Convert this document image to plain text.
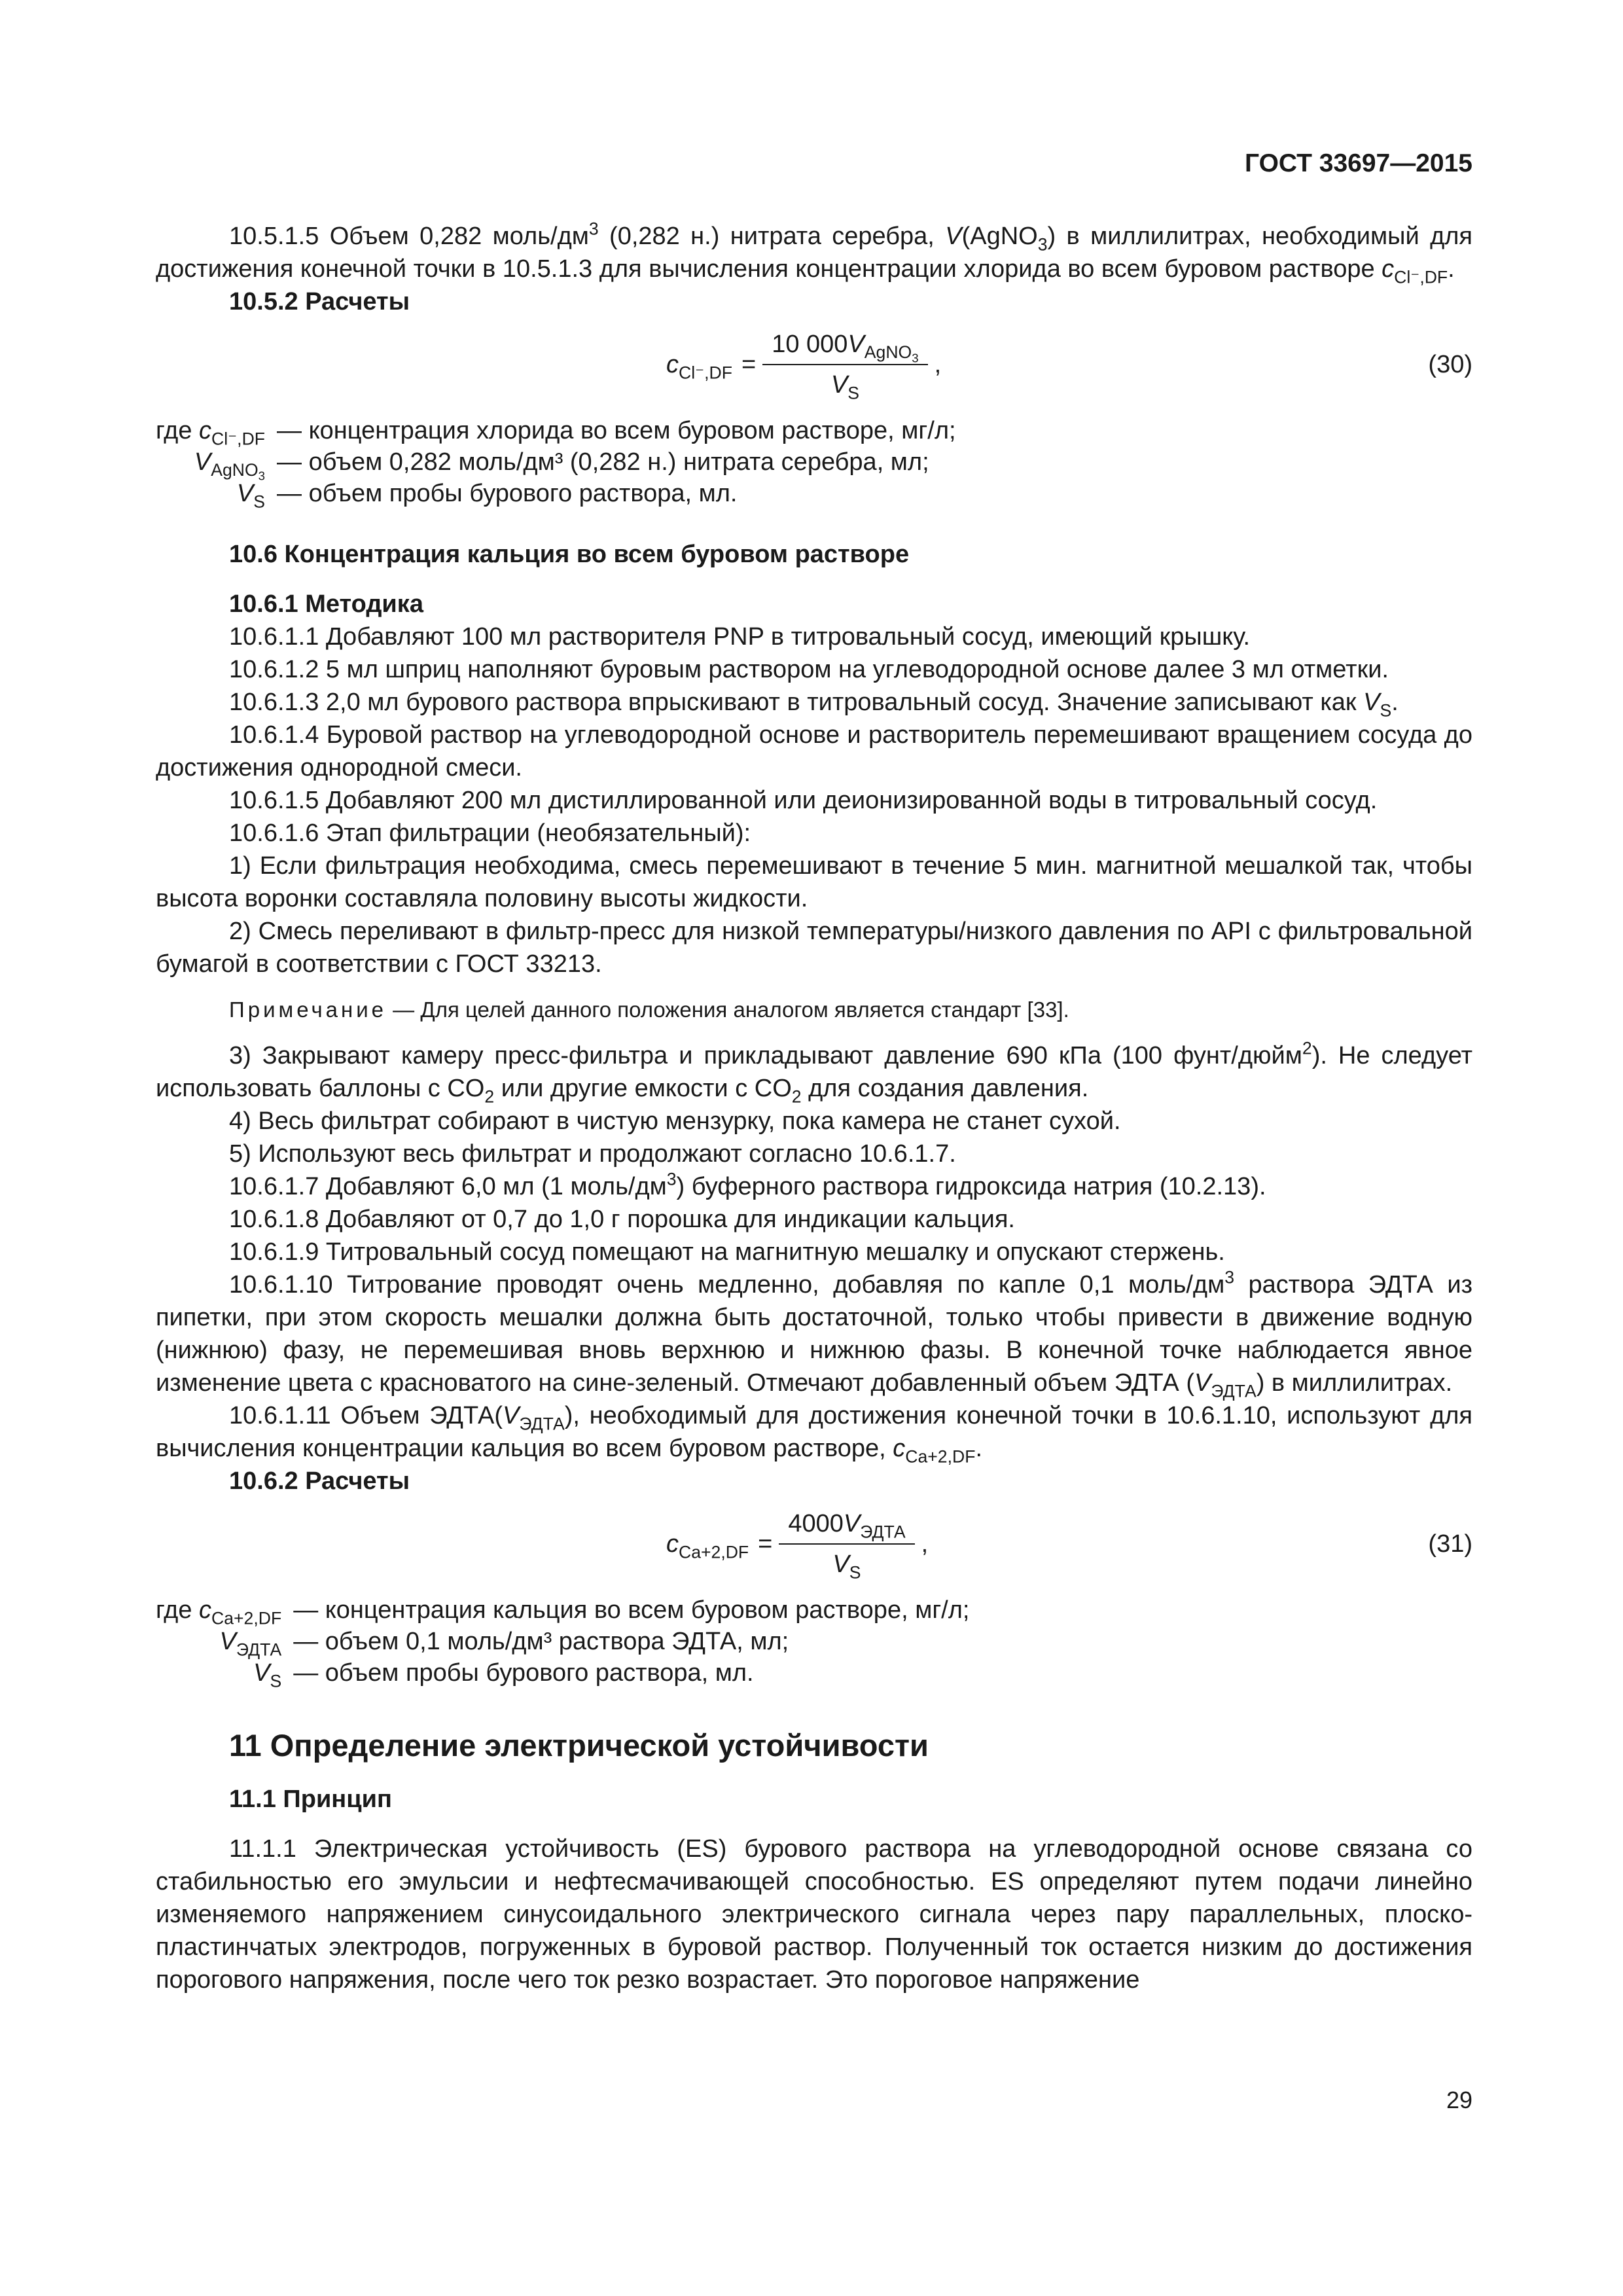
ГОСТ 33697—2015

10.5.1.5 Объем 0,282 моль/$дм^3$ (0,282 н.) нитрата серебра, V(AgNO$_3$) в миллилитрах, необходимый для достижения конечной точки в 10.5.1.3 для вычисления концентрации хлорида во всем буровом растворе $c_{Cl^-,DF}$.

10.5.2 Расчеты

$c_{Cl^-,DF} = \frac{10 000V_{AgNO_3}}{V_S}$ ,	(30)
где $c_{Cl^-,DF}$ — концентрация хлорида во всем буровом растворе, мг/л;
$V_{AgNO_3}$
— объем 0,282 моль/дм³ (0,282 н.) нитрата серебра, мл;
$V_S$ — объем пробы бурового раствора, мл.

10.6 Концентрация кальция во всем буровом растворе

10.6.1 Методика

10.6.1.1 Добавляют 100 мл растворителя PNP в титровальный сосуд, имеющий крышку.

10.6.1.2 5 мл шприц наполняют буровым раствором на углеводородной основе далее 3 мл отметки.

10.6.1.3 2,0 мл бурового раствора впрыскивают в титровальный сосуд. Значение записывают как $V_S$.

10.6.1.4 Буровой раствор на углеводородной основе и растворитель перемешивают вращением сосуда до достижения однородной смеси.

10.6.1.5 Добавляют 200 мл дистиллированной или деионизированной воды в титровальный сосуд.

10.6.1.6 Этап фильтрации (необязательный):

1) Если фильтрация необходима, смесь перемешивают в течение 5 мин. магнитной мешалкой так, чтобы высота воронки составляла половину высоты жидкости.

2) Смесь переливают в фильтр-пресс для низкой температуры/низкого давления по API с фильтровальной бумагой в соответствии с ГОСТ 33213.

Примечание — Для целей данного положения аналогом является стандарт [33].

3) Закрывают камеру пресс-фильтра и прикладывают давление 690 кПа (100 фунт/дюйм$^2$). Не следует использовать баллоны с $CO_2$ или другие емкости с $CO_2$ для создания давления.

4) Весь фильтрат собирают в чистую мензурку, пока камера не станет сухой.

5) Используют весь фильтрат и продолжают согласно 10.6.1.7.

10.6.1.7 Добавляют 6,0 мл (1 моль/$дм^3$) буферного раствора гидроксида натрия (10.2.13).

10.6.1.8 Добавляют от 0,7 до 1,0 г порошка для индикации кальция.

10.6.1.9 Титровальный сосуд помещают на магнитную мешалку и опускают стержень.

10.6.1.10 Титрование проводят очень медленно, добавляя по капле 0,1 моль/$дм^3$ раствора ЭДТА из пипетки, при этом скорость мешалки должна быть достаточной, только чтобы привести в движение водную (нижнюю) фазу, не перемешивая вновь верхнюю и нижнюю фазы. В конечной точке наблюдается явное изменение цвета с красноватого на сине-зеленый. Отмечают добавленный объем ЭДТА $(V_{ЭДТА})$ в миллилитрах.

10.6.1.11 Объем $ЭДТА(V_{ЭДТА})$, необходимый для достижения конечной точки в 10.6.1.10, используют для вычисления концентрации кальция во всем буровом растворе, $c_{Ca+2,DF}$.

10.6.2 Расчеты

$c_{Ca+2,DF} = \frac{4000V_{ЭДТА}}{V_S}$ ,	(31)
где $c_{Ca+2,DF}$ — концентрация кальция во всем буровом растворе, мг/л;
$V_{ЭДТА}$ — объем 0,1 моль/дм³ раствора ЭДТА, мл;
$V_S$ — объем пробы бурового раствора, мл.

11 Определение электрической устойчивости

11.1 Принцип

11.1.1 Электрическая устойчивость (ES) бурового раствора на углеводородной основе связана со стабильностью его эмульсии и нефтесмачивающей способностью. ES определяют путем подачи линейно изменяемого напряжением синусоидального электрического сигнала через пару параллельных, плоско-пластинчатых электродов, погруженных в буровой раствор. Полученный ток остается низким до достижения порогового напряжения, после чего ток резко возрастает. Это пороговое напряжение

29
